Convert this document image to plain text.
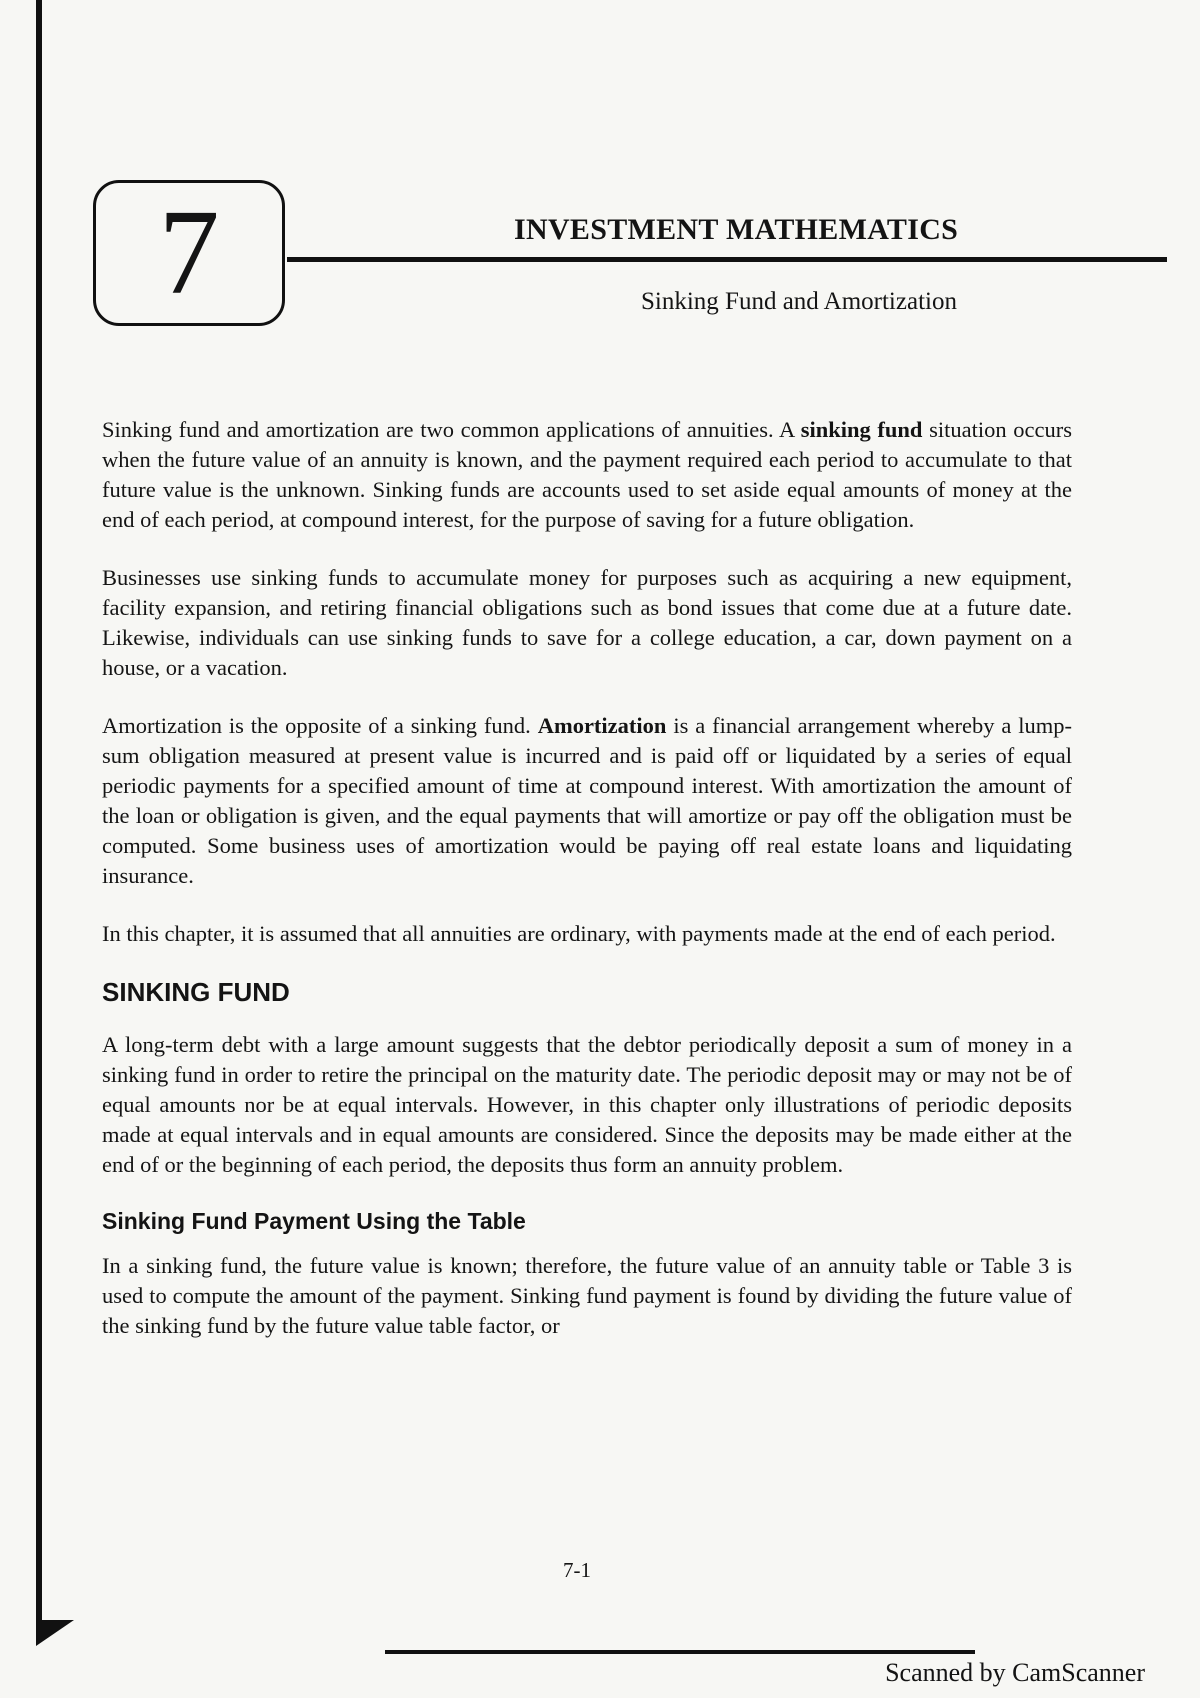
7	INVESTMENT MATHEMATICS
Sinking Fund and Amortization

Sinking fund and amortization are two common applications of annuities. A sinking fund situation occurs when the future value of an annuity is known, and the payment required each period to accumulate to that future value is the unknown. Sinking funds are accounts used to set aside equal amounts of money at the end of each period, at compound interest, for the purpose of saving for a future obligation.

Businesses use sinking funds to accumulate money for purposes such as acquiring a new equipment, facility expansion, and retiring financial obligations such as bond issues that come due at a future date. Likewise, individuals can use sinking funds to save for a college education, a car, down payment on a house, or a vacation.

Amortization is the opposite of a sinking fund. Amortization is a financial arrangement whereby a lump-sum obligation measured at present value is incurred and is paid off or liquidated by a series of equal periodic payments for a specified amount of time at compound interest. With amortization the amount of the loan or obligation is given, and the equal payments that will amortize or pay off the obligation must be computed. Some business uses of amortization would be paying off real estate loans and liquidating insurance.

In this chapter, it is assumed that all annuities are ordinary, with payments made at the end of each period.

SINKING FUND

A long-term debt with a large amount suggests that the debtor periodically deposit a sum of money in a sinking fund in order to retire the principal on the maturity date. The periodic deposit may or may not be of equal amounts nor be at equal intervals. However, in this chapter only illustrations of periodic deposits made at equal intervals and in equal amounts are considered. Since the deposits may be made either at the end of or the beginning of each period, the deposits thus form an annuity problem.

Sinking Fund Payment Using the Table

In a sinking fund, the future value is known; therefore, the future value of an annuity table or Table 3 is used to compute the amount of the payment. Sinking fund payment is found by dividing the future value of the sinking fund by the future value table factor, or

7-1
Scanned by CamScanner
